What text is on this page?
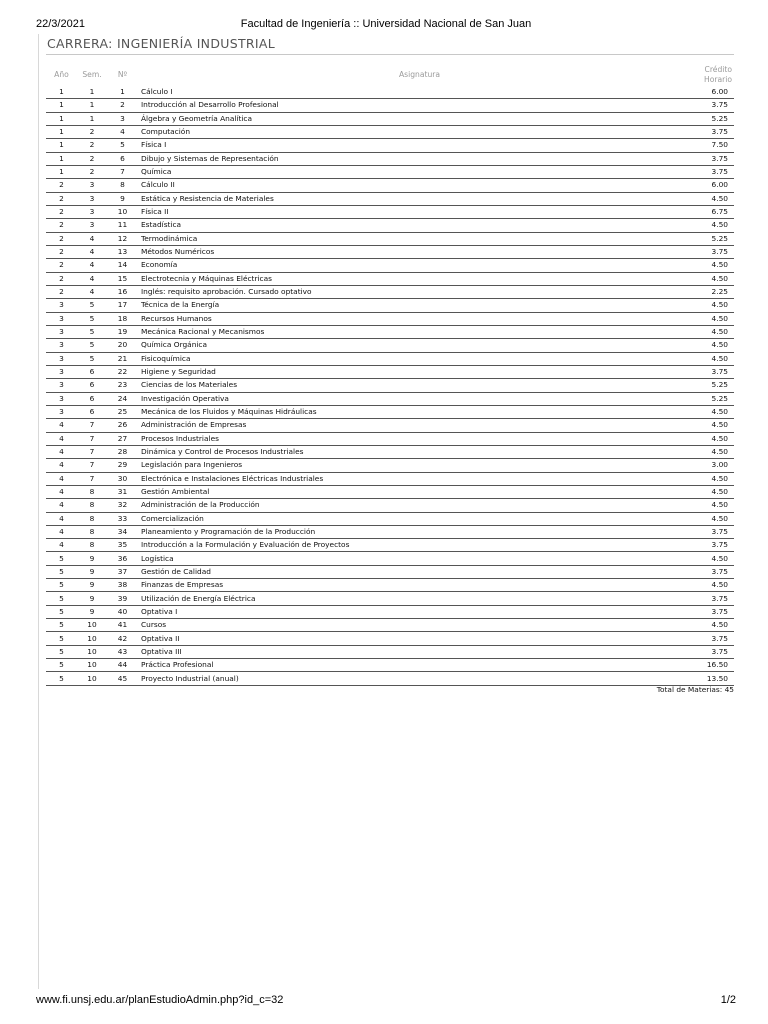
22/3/2021	Facultad de Ingeniería :: Universidad Nacional de San Juan
CARRERA: INGENIERÍA INDUSTRIAL
Año	Sem.	Nº	Asignatura	Crédito
Horario
1	1	1	Cálculo I	6.00
1	1	2	Introducción al Desarrollo Profesional	3.75
1	1	3	Álgebra y Geometría Analítica	5.25
1	2	4	Computación	3.75
1	2	5	Física I	7.50
1	2	6	Dibujo y Sistemas de Representación	3.75
1	2	7	Química	3.75
2	3	8	Cálculo II	6.00
2	3	9	Estática y Resistencia de Materiales	4.50
2	3	10	Física II	6.75
2	3	11	Estadística	4.50
2	4	12	Termodinámica	5.25
2	4	13	Métodos Numéricos	3.75
2	4	14	Economía	4.50
2	4	15	Electrotecnia y Máquinas Eléctricas	4.50
2	4	16	Inglés: requisito aprobación. Cursado optativo	2.25
3	5	17	Técnica de la Energía	4.50
3	5	18	Recursos Humanos	4.50
3	5	19	Mecánica Racional y Mecanismos	4.50
3	5	20	Química Orgánica	4.50
3	5	21	Fisicoquímica	4.50
3	6	22	Higiene y Seguridad	3.75
3	6	23	Ciencias de los Materiales	5.25
3	6	24	Investigación Operativa	5.25
3	6	25	Mecánica de los Fluidos y Máquinas Hidráulicas	4.50
4	7	26	Administración de Empresas	4.50
4	7	27	Procesos Industriales	4.50
4	7	28	Dinámica y Control de Procesos Industriales	4.50
4	7	29	Legislación para Ingenieros	3.00
4	7	30	Electrónica e Instalaciones Eléctricas Industriales	4.50
4	8	31	Gestión Ambiental	4.50
4	8	32	Administración de la Producción	4.50
4	8	33	Comercialización	4.50
4	8	34	Planeamiento y Programación de la Producción	3.75
4	8	35	Introducción a la Formulación y Evaluación de Proyectos	3.75
5	9	36	Logística	4.50
5	9	37	Gestión de Calidad	3.75
5	9	38	Finanzas de Empresas	4.50
5	9	39	Utilización de Energía Eléctrica	3.75
5	9	40	Optativa I	3.75
5	10	41	Cursos	4.50
5	10	42	Optativa II	3.75
5	10	43	Optativa III	3.75
5	10	44	Práctica Profesional	16.50
5	10	45	Proyecto Industrial (anual)	13.50
Total de Materias: 45
www.fi.unsj.edu.ar/planEstudioAdmin.php?id_c=32	1/2
